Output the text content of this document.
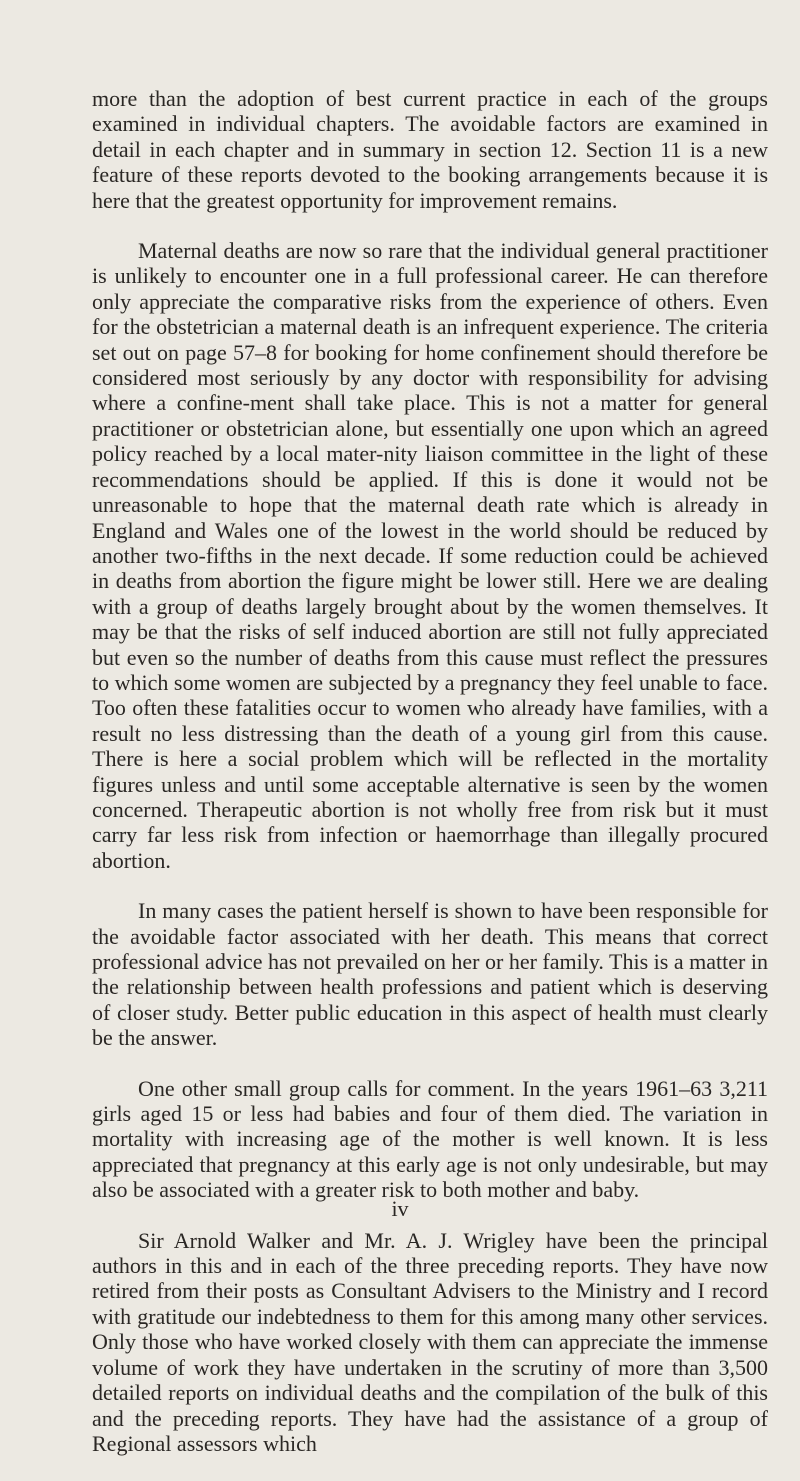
more than the adoption of best current practice in each of the groups examined in individual chapters. The avoidable factors are examined in detail in each chapter and in summary in section 12. Section 11 is a new feature of these reports devoted to the booking arrangements because it is here that the greatest opportunity for improvement remains.

Maternal deaths are now so rare that the individual general practitioner is unlikely to encounter one in a full professional career. He can therefore only appreciate the comparative risks from the experience of others. Even for the obstetrician a maternal death is an infrequent experience. The criteria set out on page 57–8 for booking for home confinement should therefore be considered most seriously by any doctor with responsibility for advising where a confine-ment shall take place. This is not a matter for general practitioner or obstetrician alone, but essentially one upon which an agreed policy reached by a local mater-nity liaison committee in the light of these recommendations should be applied. If this is done it would not be unreasonable to hope that the maternal death rate which is already in England and Wales one of the lowest in the world should be reduced by another two-fifths in the next decade. If some reduction could be achieved in deaths from abortion the figure might be lower still. Here we are dealing with a group of deaths largely brought about by the women themselves. It may be that the risks of self induced abortion are still not fully appreciated but even so the number of deaths from this cause must reflect the pressures to which some women are subjected by a pregnancy they feel unable to face. Too often these fatalities occur to women who already have families, with a result no less distressing than the death of a young girl from this cause. There is here a social problem which will be reflected in the mortality figures unless and until some acceptable alternative is seen by the women concerned. Therapeutic abortion is not wholly free from risk but it must carry far less risk from infection or haemorrhage than illegally procured abortion.

In many cases the patient herself is shown to have been responsible for the avoidable factor associated with her death. This means that correct professional advice has not prevailed on her or her family. This is a matter in the relationship between health professions and patient which is deserving of closer study. Better public education in this aspect of health must clearly be the answer.

One other small group calls for comment. In the years 1961–63 3,211 girls aged 15 or less had babies and four of them died. The variation in mortality with increasing age of the mother is well known. It is less appreciated that pregnancy at this early age is not only undesirable, but may also be associated with a greater risk to both mother and baby.

Sir Arnold Walker and Mr. A. J. Wrigley have been the principal authors in this and in each of the three preceding reports. They have now retired from their posts as Consultant Advisers to the Ministry and I record with gratitude our indebtedness to them for this among many other services. Only those who have worked closely with them can appreciate the immense volume of work they have undertaken in the scrutiny of more than 3,500 detailed reports on individual deaths and the compilation of the bulk of this and the preceding reports. They have had the assistance of a group of Regional assessors which

iv
